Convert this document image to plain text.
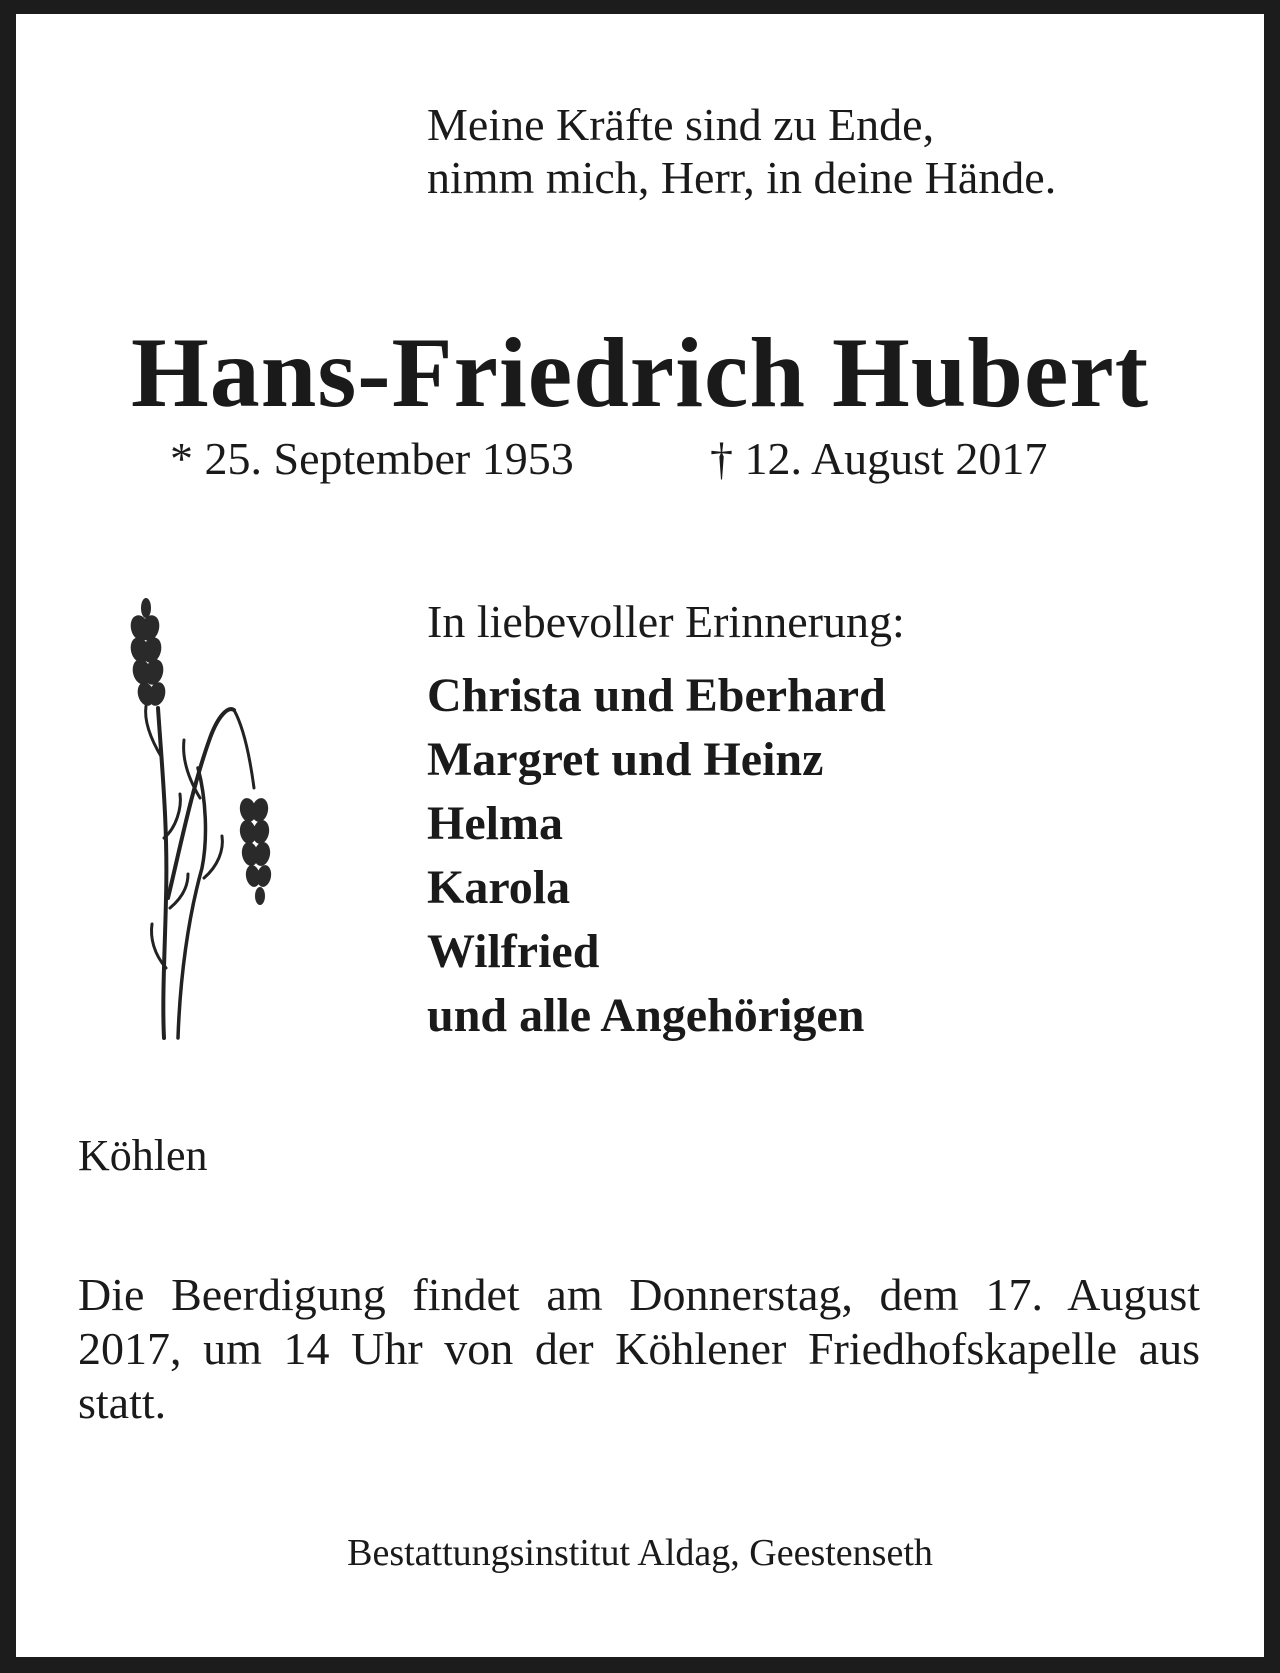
Meine Kräfte sind zu Ende,
nimm mich, Herr, in deine Hände.
Hans-Friedrich Hubert
* 25. September 1953	† 12. August 2017
In liebevoller Erinnerung:
Christa und Eberhard
Margret und Heinz
Helma
Karola
Wilfried
und alle Angehörigen
Köhlen
Die Beerdigung findet am Donnerstag, dem 17. August 2017, um 14 Uhr von der Köhlener Friedhofskapelle aus statt.
Bestattungsinstitut Aldag, Geestenseth
